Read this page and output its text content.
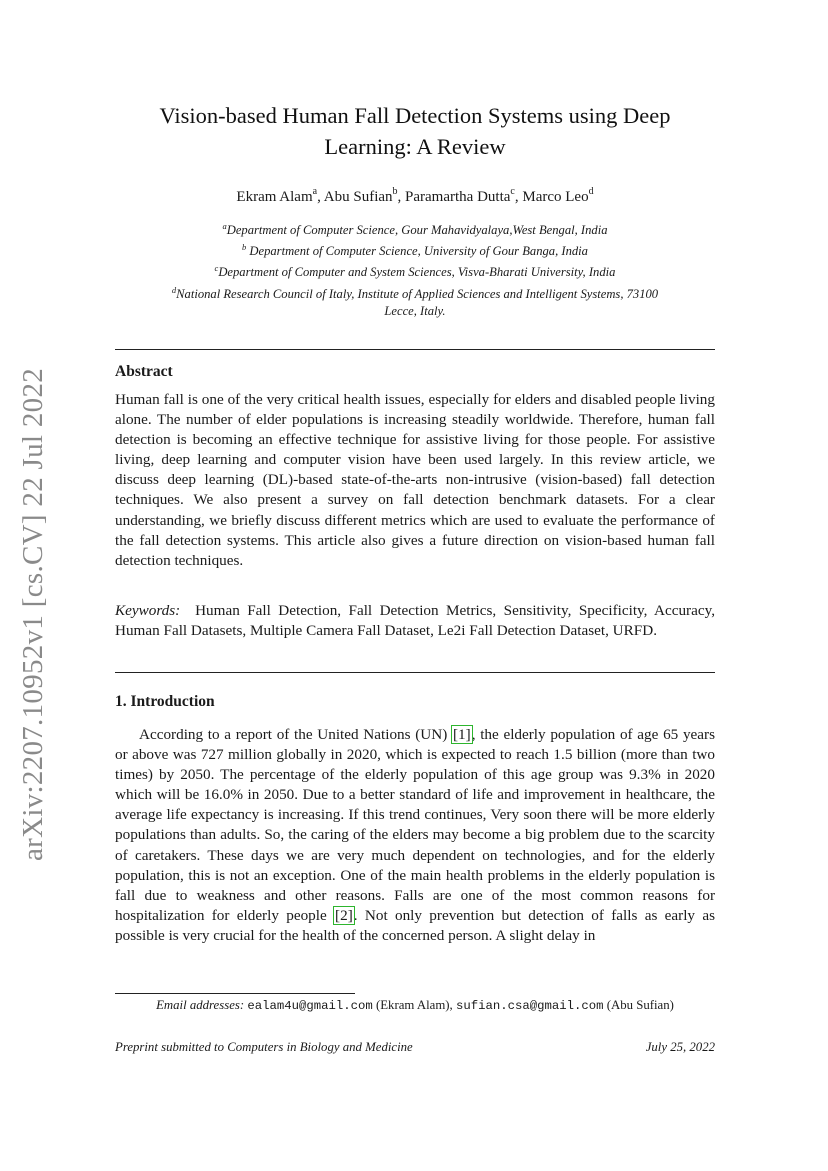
arXiv:2207.10952v1 [cs.CV] 22 Jul 2022
Vision-based Human Fall Detection Systems using Deep
Learning: A Review
Ekram Alam$^a$, Abu Sufian$^b$, Paramartha Dutta$^c$, Marco Leo$^d$
$^a$Department of Computer Science, Gour Mahavidyalaya,West Bengal, India
$^b$ Department of Computer Science, University of Gour Banga, India
$^c$Department of Computer and System Sciences, Visva-Bharati University, India
$^d$National Research Council of Italy, Institute of Applied Sciences and Intelligent Systems, 73100
Lecce, Italy.
Abstract
Human fall is one of the very critical health issues, especially for elders and disabled people living alone. The number of elder populations is increasing steadily worldwide. Therefore, human fall detection is becoming an effective technique for assistive living for those people. For assistive living, deep learning and computer vision have been used largely. In this review article, we discuss deep learning (DL)-based state-of-the-arts non-intrusive (vision-based) fall detection techniques. We also present a survey on fall detection benchmark datasets. For a clear understanding, we briefly discuss different metrics which are used to evaluate the performance of the fall detection systems. This article also gives a future direction on vision-based human fall detection techniques.
Keywords: Human Fall Detection, Fall Detection Metrics, Sensitivity, Specificity, Accuracy, Human Fall Datasets, Multiple Camera Fall Dataset, Le2i Fall Detection Dataset, URFD.
1. Introduction
According to a report of the United Nations (UN) [1], the elderly population of age 65 years or above was 727 million globally in 2020, which is expected to reach 1.5 billion (more than two times) by 2050. The percentage of the elderly population of this age group was 9.3% in 2020 which will be 16.0% in 2050. Due to a better standard of life and improvement in healthcare, the average life expectancy is increasing. If this trend continues, Very soon there will be more elderly populations than adults. So, the caring of the elders may become a big problem due to the scarcity of caretakers. These days we are very much dependent on technologies, and for the elderly population, this is not an exception. One of the main health problems in the elderly population is fall due to weakness and other reasons. Falls are one of the most common reasons for hospitalization for elderly people [2]. Not only prevention but detection of falls as early as possible is very crucial for the health of the concerned person. A slight delay in
Email addresses: ealam4u@gmail.com (Ekram Alam), sufian.csa@gmail.com (Abu Sufian)
Preprint submitted to Computers in Biology and Medicine	July 25, 2022
